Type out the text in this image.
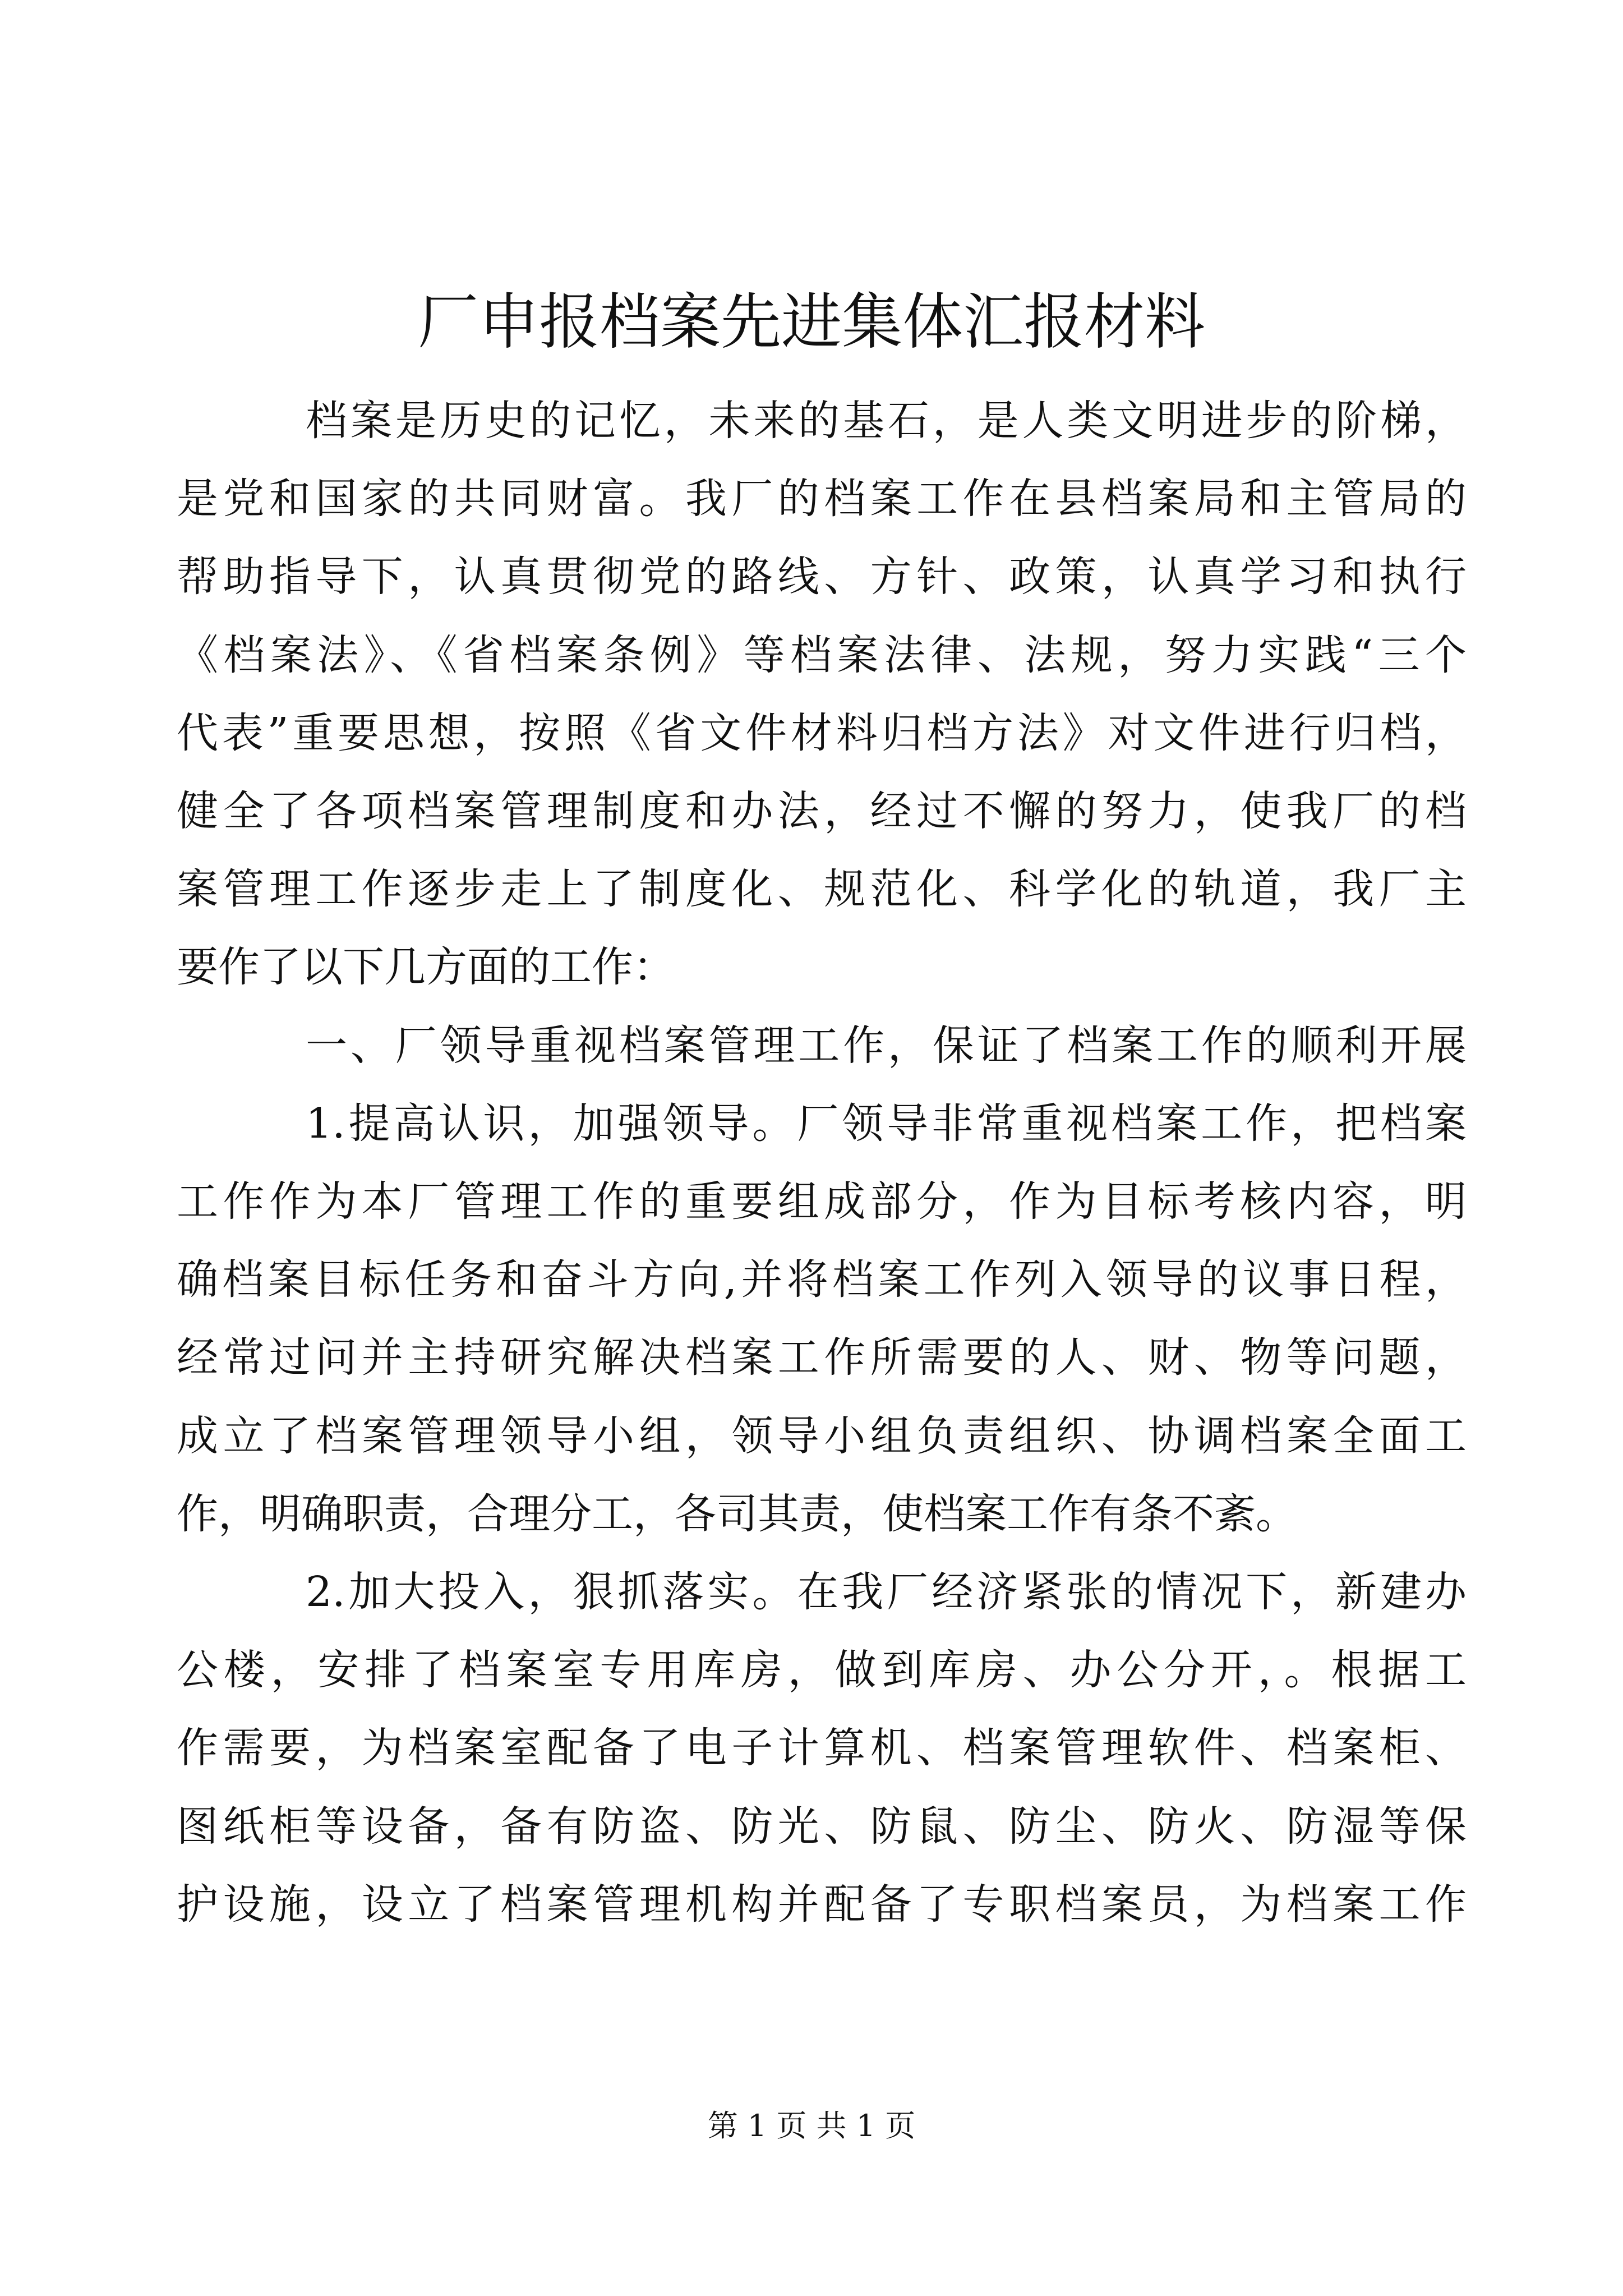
厂申报档案先进集体汇报材料

档案是历史的记忆，未来的基石，是人类文明进步的阶梯，

是党和国家的共同财富。我厂的档案工作在县档案局和主管局的

帮助指导下，认真贯彻党的路线、方针、政策，认真学习和执行

《档案法》、《省档案条例》等档案法律、法规，努力实践“三个

代表”重要思想，按照《省文件材料归档方法》对文件进行归档，

健全了各项档案管理制度和办法，经过不懈的努力，使我厂的档

案管理工作逐步走上了制度化、规范化、科学化的轨道，我厂主

要作了以下几方面的工作：

一、厂领导重视档案管理工作，保证了档案工作的顺利开展

1.提高认识，加强领导。厂领导非常重视档案工作，把档案

工作作为本厂管理工作的重要组成部分，作为目标考核内容，明

确档案目标任务和奋斗方向,并将档案工作列入领导的议事日程，

经常过问并主持研究解决档案工作所需要的人、财、物等问题，

成立了档案管理领导小组，领导小组负责组织、协调档案全面工

作，明确职责，合理分工，各司其责，使档案工作有条不紊。

2.加大投入，狠抓落实。在我厂经济紧张的情况下，新建办

公楼，安排了档案室专用库房，做到库房、办公分开，。根据工

作需要，为档案室配备了电子计算机、档案管理软件、档案柜、

图纸柜等设备，备有防盗、防光、防鼠、防尘、防火、防湿等保

护设施，设立了档案管理机构并配备了专职档案员，为档案工作

第 1 页 共 1 页
